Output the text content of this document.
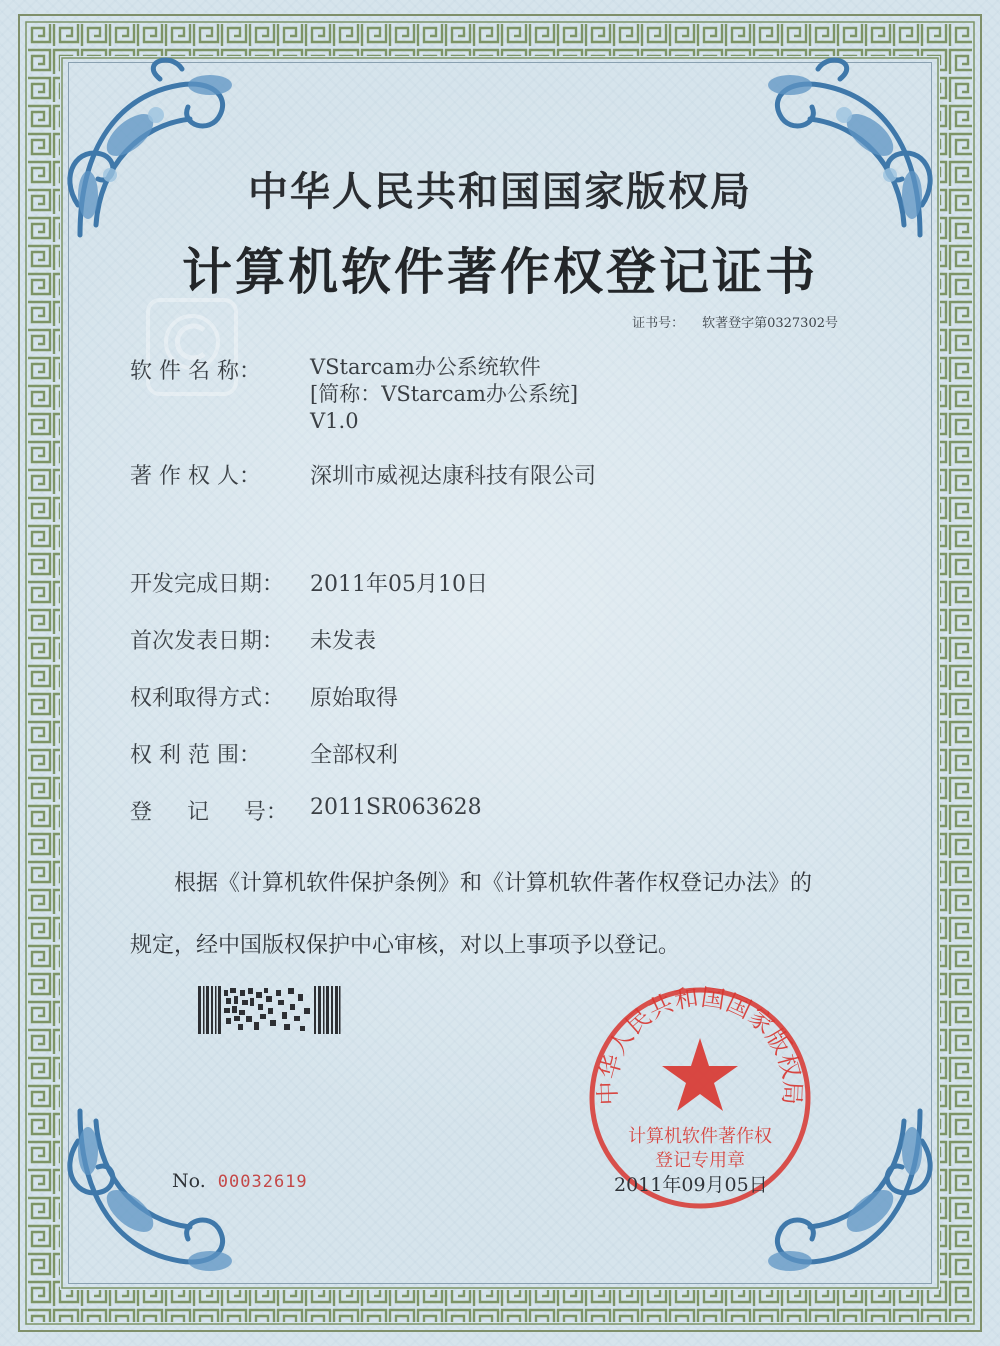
中华人民共和国国家版权局
计算机软件著作权登记证书
证书号： 软著登字第0327302号
软 件 名 称： VStarcam办公系统软件
[简称：VStarcam办公系统]
V1.0
著 作 权 人： 深圳市威视达康科技有限公司
开发完成日期： 2011年05月10日
首次发表日期： 未发表
权利取得方式： 原始取得
权 利 范 围： 全部权利
登     记     号： 2011SR063628
根据《计算机软件保护条例》和《计算机软件著作权登记办法》的
规定，经中国版权保护中心审核，对以上事项予以登记。
中华人民共和国国家版权局
计算机软件著作权
登记专用章
No. 00032619	2011年09月05日
